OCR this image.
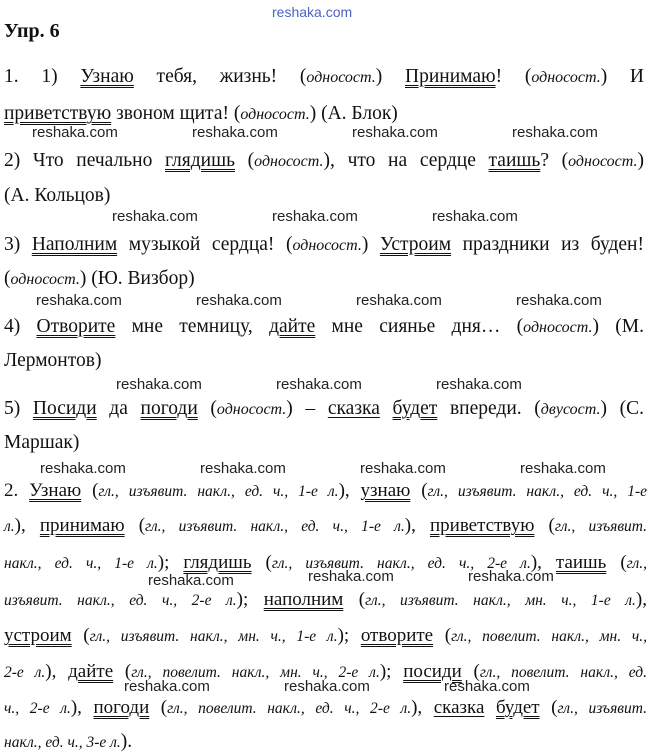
reshaka.com
reshaka.com	reshaka.com	reshaka.com	reshaka.com
reshaka.com	reshaka.com	reshaka.com
reshaka.com	reshaka.com	reshaka.com	reshaka.com
reshaka.com	reshaka.com	reshaka.com
reshaka.com	reshaka.com	reshaka.com	reshaka.com
reshaka.com	reshaka.com	reshaka.com
reshaka.com	reshaka.com	reshaka.com
Упр. 6
1. 1) Узнаю тебя, жизнь! (односост.) Принимаю! (односост.) И
приветствую звоном щита! (односост.) (А. Блок)
2) Что печально глядишь (односост.), что на сердце таишь? (односост.)
(А. Кольцов)
3) Наполним музыкой сердца! (односост.) Устроим праздники из буден!
(односост.) (Ю. Визбор)
4) Отворите мне темницу, дайте мне сиянье дня… (односост.) (М.
Лермонтов)
5) Посиди да погоди (односост.) – сказка будет впереди. (двусост.) (С.
Маршак)
2. Узнаю (гл., изъявит. накл., ед. ч., 1-е л.), узнаю (гл., изъявит. накл., ед. ч., 1-е
л.), принимаю (гл., изъявит. накл., ед. ч., 1-е л.), приветствую (гл., изъявит.
накл., ед. ч., 1-е л.); глядишь (гл., изъявит. накл., ед. ч., 2-е л.), таишь (гл.,
изъявит. накл., ед. ч., 2-е л.); наполним (гл., изъявит. накл., мн. ч., 1-е л.),
устроим (гл., изъявит. накл., мн. ч., 1-е л.); отворите (гл., повелит. накл., мн. ч.,
2-е л.), дайте (гл., повелит. накл., мн. ч., 2-е л.); посиди (гл., повелит. накл., ед.
ч., 2-е л.), погоди (гл., повелит. накл., ед. ч., 2-е л.), сказка будет (гл., изъявит.
накл., ед. ч., 3-е л.).
